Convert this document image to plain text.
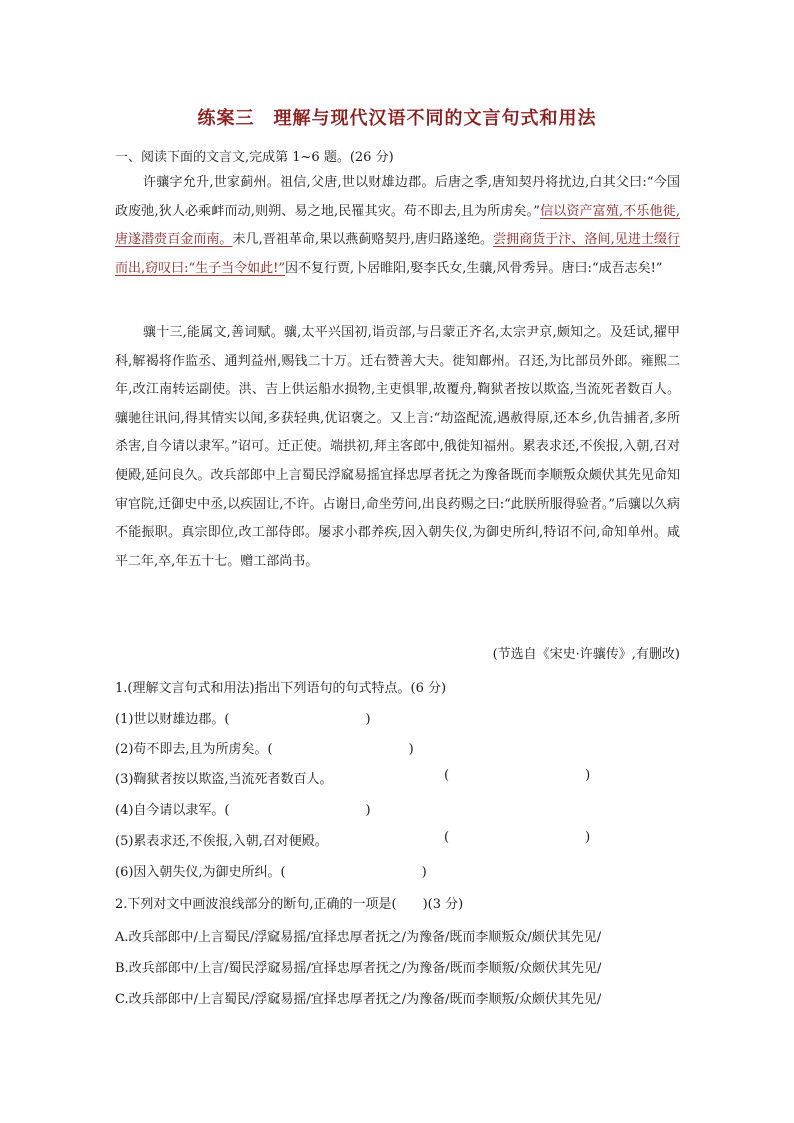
练案三　理解与现代汉语不同的文言句式和用法
一、阅读下面的文言文,完成第 1~6 题。(26 分)
许骧字允升,世家蓟州。祖信,父唐,世以财雄边郡。后唐之季,唐知契丹将扰边,白其父曰:“今国政废弛,狄人必乘衅而动,则朔、易之地,民罹其灾。苟不即去,且为所虏矣。”信以资产富殖,不乐他徙,唐遂潜赍百金而南。未几,晋祖革命,果以燕蓟赂契丹,唐归路遂绝。尝拥商货于汴、洛间,见进士缀行而出,窃叹曰:“生子当令如此!”因不复行贾,卜居睢阳,娶李氏女,生骧,风骨秀异。唐曰:“成吾志矣!”
骧十三,能属文,善词赋。骧,太平兴国初,诣贡部,与吕蒙正齐名,太宗尹京,颇知之。及廷试,擢甲科,解褐将作监丞、通判益州,赐钱二十万。迁右赞善大夫。徙知鄜州。召还,为比部员外郎。雍熙二年,改江南转运副使。洪、吉上供运船水损物,主吏惧罪,故覆舟,鞫狱者按以欺盗,当流死者数百人。骧驰往讯问,得其情实以闻,多获轻典,优诏褒之。又上言:“劫盗配流,遇赦得原,还本乡,仇告捕者,多所杀害,自今请以隶军。”诏可。迁正使。端拱初,拜主客郎中,俄徙知福州。累表求还,不俟报,入朝,召对便殿,延问良久。改兵部郎中上言蜀民浮窳易摇宜择忠厚者抚之为豫备既而李顺叛众颇伏其先见命知审官院,迁御史中丞,以疾固让,不许。占谢日,命坐劳问,出良药赐之曰:“此朕所服得验者。”后骧以久病不能振职。真宗即位,改工部侍郎。屡求小郡养疾,因入朝失仪,为御史所纠,特诏不问,命知单州。咸平二年,卒,年五十七。赠工部尚书。
(节选自《宋史·许骧传》,有删改)
1.(理解文言句式和用法)指出下列语句的句式特点。(6 分)
(1)世以财雄边郡。(	)
(2)苟不即去,且为所虏矣。(	)
(3)鞫狱者按以欺盗,当流死者数百人。	(	)
(4)自今请以隶军。(	)
(5)累表求还,不俟报,入朝,召对便殿。	(	)
(6)因入朝失仪,为御史所纠。(	)
2.下列对文中画波浪线部分的断句,正确的一项是(　　)(3 分)
A.改兵部郎中/上言蜀民/浮窳易摇/宜择忠厚者抚之/为豫备/既而李顺叛众/颇伏其先见/
B.改兵部郎中/上言/蜀民浮窳易摇/宜择忠厚者抚之/为豫备/既而李顺叛/众颇伏其先见/
C.改兵部郎中/上言蜀民/浮窳易摇/宜择忠厚者抚之/为豫备/既而李顺叛/众颇伏其先见/
